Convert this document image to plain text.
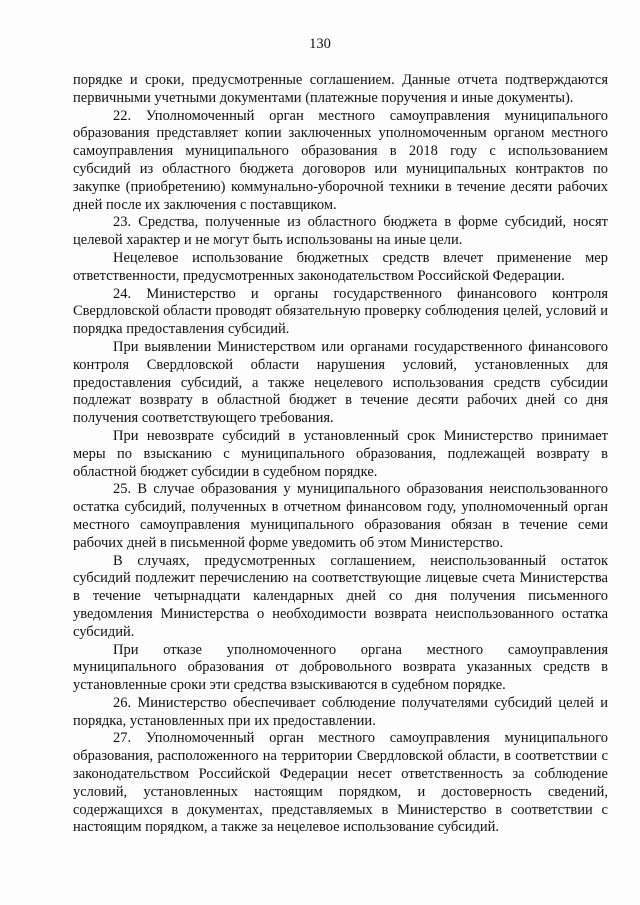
130

порядке и сроки, предусмотренные соглашением. Данные отчета подтверждаются первичными учетными документами (платежные поручения и иные документы).

22. Уполномоченный орган местного самоуправления муниципального образования представляет копии заключенных уполномоченным органом местного самоуправления муниципального образования в 2018 году с использованием субсидий из областного бюджета договоров или муниципальных контрактов по закупке (приобретению) коммунально-уборочной техники в течение десяти рабочих дней после их заключения с поставщиком.

23. Средства, полученные из областного бюджета в форме субсидий, носят целевой характер и не могут быть использованы на иные цели.

Нецелевое использование бюджетных средств влечет применение мер ответственности, предусмотренных законодательством Российской Федерации.

24. Министерство и органы государственного финансового контроля Свердловской области проводят обязательную проверку соблюдения целей, условий и порядка предоставления субсидий.

При выявлении Министерством или органами государственного финансового контроля Свердловской области нарушения условий, установленных для предоставления субсидий, а также нецелевого использования средств субсидии подлежат возврату в областной бюджет в течение десяти рабочих дней со дня получения соответствующего требования.

При невозврате субсидий в установленный срок Министерство принимает меры по взысканию с муниципального образования, подлежащей возврату в областной бюджет субсидии в судебном порядке.

25. В случае образования у муниципального образования неиспользованного остатка субсидий, полученных в отчетном финансовом году, уполномоченный орган местного самоуправления муниципального образования обязан в течение семи рабочих дней в письменной форме уведомить об этом Министерство.

В случаях, предусмотренных соглашением, неиспользованный остаток субсидий подлежит перечислению на соответствующие лицевые счета Министерства в течение четырнадцати календарных дней со дня получения письменного уведомления Министерства о необходимости возврата неиспользованного остатка субсидий.

При отказе уполномоченного органа местного самоуправления муниципального образования от добровольного возврата указанных средств в установленные сроки эти средства взыскиваются в судебном порядке.

26. Министерство обеспечивает соблюдение получателями субсидий целей и порядка, установленных при их предоставлении.

27. Уполномоченный орган местного самоуправления муниципального образования, расположенного на территории Свердловской области, в соответствии с законодательством Российской Федерации несет ответственность за соблюдение условий, установленных настоящим порядком, и достоверность сведений, содержащихся в документах, представляемых в Министерство в соответствии с настоящим порядком, а также за нецелевое использование субсидий.
